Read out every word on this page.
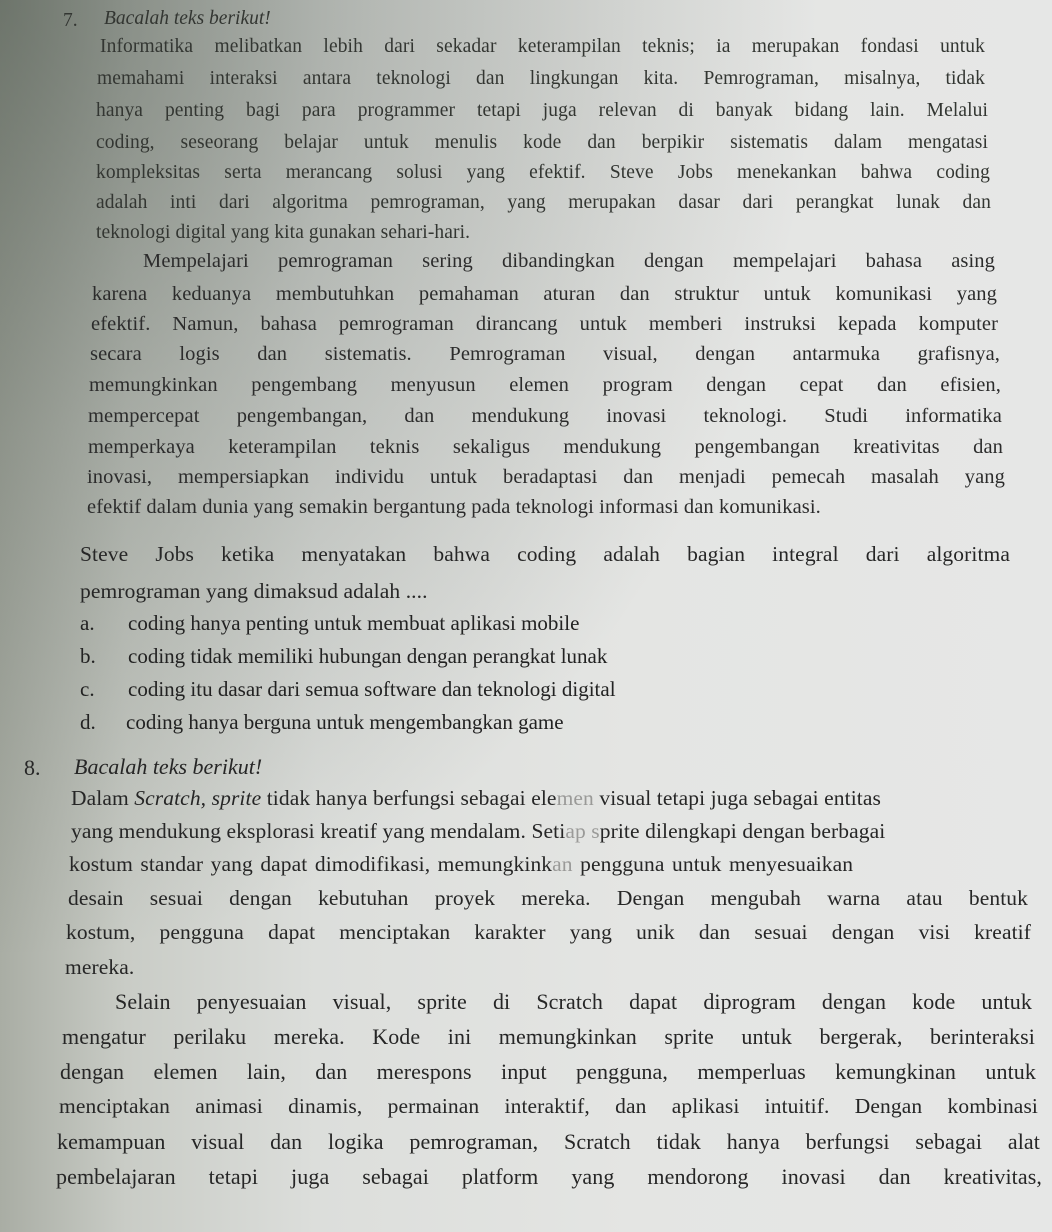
7. Bacalah teks berikut!
Informatika melibatkan lebih dari sekadar keterampilan teknis; ia merupakan fondasi untuk
memahami interaksi antara teknologi dan lingkungan kita. Pemrograman, misalnya, tidak
hanya penting bagi para programmer tetapi juga relevan di banyak bidang lain. Melalui
coding, seseorang belajar untuk menulis kode dan berpikir sistematis dalam mengatasi
kompleksitas serta merancang solusi yang efektif. Steve Jobs menekankan bahwa coding
adalah inti dari algoritma pemrograman, yang merupakan dasar dari perangkat lunak dan
teknologi digital yang kita gunakan sehari-hari.
Mempelajari pemrograman sering dibandingkan dengan mempelajari bahasa asing
karena keduanya membutuhkan pemahaman aturan dan struktur untuk komunikasi yang
efektif. Namun, bahasa pemrograman dirancang untuk memberi instruksi kepada komputer
secara logis dan sistematis. Pemrograman visual, dengan antarmuka grafisnya,
memungkinkan pengembang menyusun elemen program dengan cepat dan efisien,
mempercepat pengembangan, dan mendukung inovasi teknologi. Studi informatika
memperkaya keterampilan teknis sekaligus mendukung pengembangan kreativitas dan
inovasi, mempersiapkan individu untuk beradaptasi dan menjadi pemecah masalah yang
efektif dalam dunia yang semakin bergantung pada teknologi informasi dan komunikasi.
Steve Jobs ketika menyatakan bahwa coding adalah bagian integral dari algoritma
pemrograman yang dimaksud adalah ....
a. coding hanya penting untuk membuat aplikasi mobile
b. coding tidak memiliki hubungan dengan perangkat lunak
c. coding itu dasar dari semua software dan teknologi digital
d. coding hanya berguna untuk mengembangkan game
8. Bacalah teks berikut!
Dalam Scratch, sprite tidak hanya berfungsi sebagai elemen visual tetapi juga sebagai entitas
yang mendukung eksplorasi kreatif yang mendalam. Setiap sprite dilengkapi dengan berbagai
kostum standar yang dapat dimodifikasi, memungkinkan pengguna untuk menyesuaikan
desain sesuai dengan kebutuhan proyek mereka. Dengan mengubah warna atau bentuk
kostum, pengguna dapat menciptakan karakter yang unik dan sesuai dengan visi kreatif
mereka.
Selain penyesuaian visual, sprite di Scratch dapat diprogram dengan kode untuk
mengatur perilaku mereka. Kode ini memungkinkan sprite untuk bergerak, berinteraksi
dengan elemen lain, dan merespons input pengguna, memperluas kemungkinan untuk
menciptakan animasi dinamis, permainan interaktif, dan aplikasi intuitif. Dengan kombinasi
kemampuan visual dan logika pemrograman, Scratch tidak hanya berfungsi sebagai alat
pembelajaran tetapi juga sebagai platform yang mendorong inovasi dan kreativitas,
